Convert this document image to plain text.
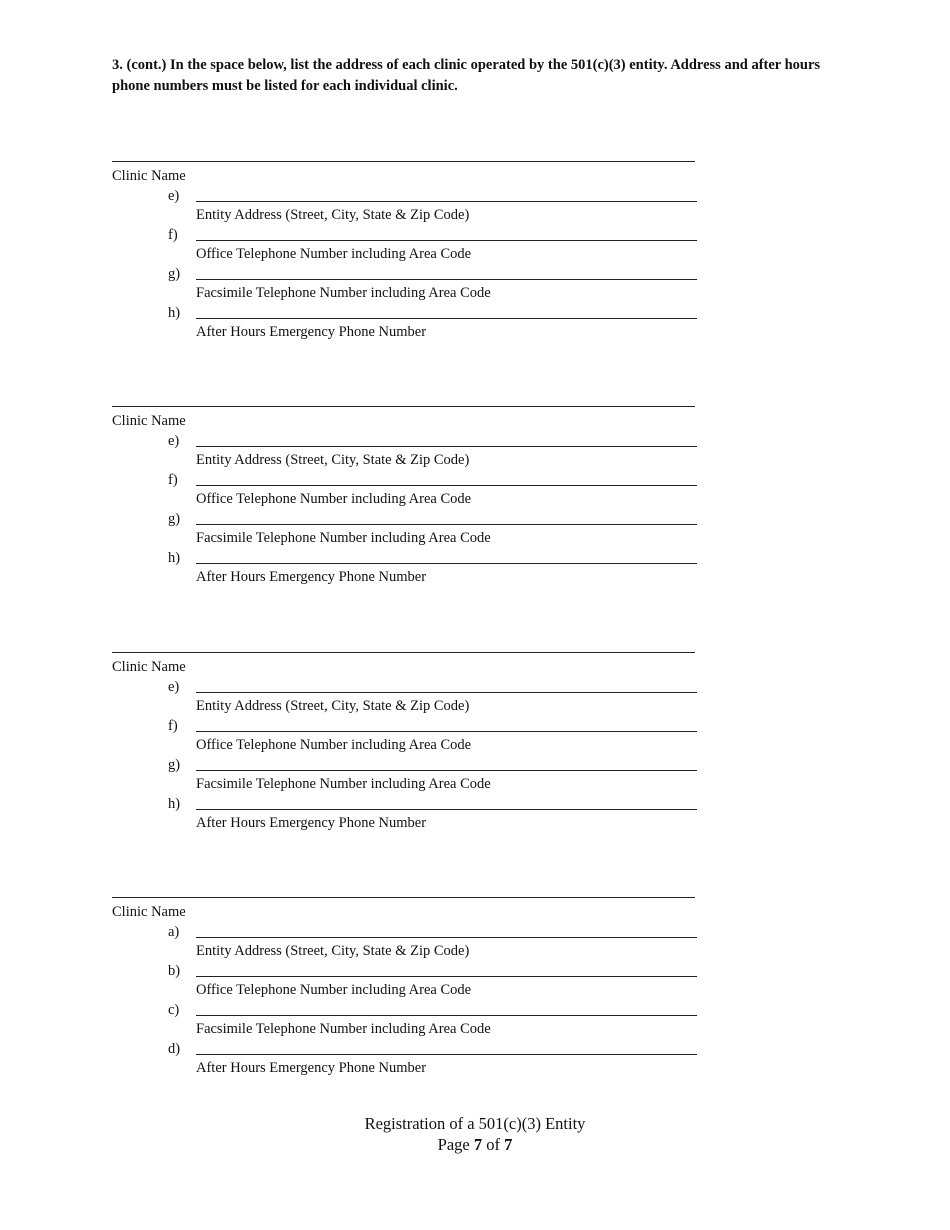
3. (cont.) In the space below, list the address of each clinic operated by the 501(c)(3) entity. Address and after hours phone numbers must be listed for each individual clinic.
Clinic Name
e)
Entity Address (Street, City, State & Zip Code)
f)
Office Telephone Number including Area Code
g)
Facsimile Telephone Number including Area Code
h)
After Hours Emergency Phone Number
Clinic Name
e)
Entity Address (Street, City, State & Zip Code)
f)
Office Telephone Number including Area Code
g)
Facsimile Telephone Number including Area Code
h)
After Hours Emergency Phone Number
Clinic Name
e)
Entity Address (Street, City, State & Zip Code)
f)
Office Telephone Number including Area Code
g)
Facsimile Telephone Number including Area Code
h)
After Hours Emergency Phone Number
Clinic Name
a)
Entity Address (Street, City, State & Zip Code)
b)
Office Telephone Number including Area Code
c)
Facsimile Telephone Number including Area Code
d)
After Hours Emergency Phone Number
Registration of a 501(c)(3) Entity
Page 7 of 7
